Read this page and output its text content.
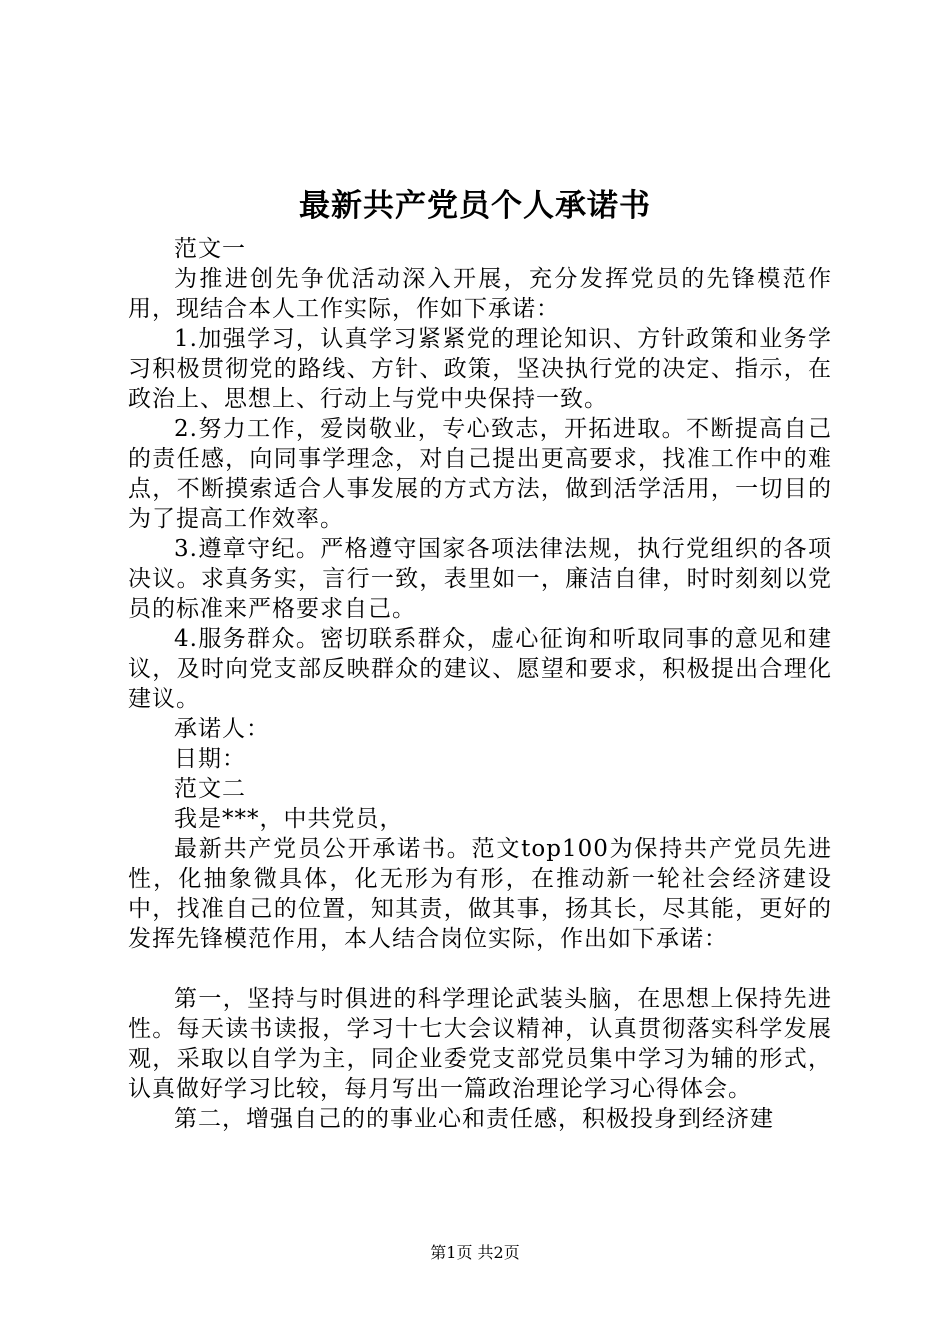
最新共产党员个人承诺书

范文一

为推进创先争优活动深入开展，充分发挥党员的先锋模范作用，现结合本人工作实际，作如下承诺：

1.加强学习，认真学习紧紧党的理论知识、方针政策和业务学习积极贯彻党的路线、方针、政策，坚决执行党的决定、指示，在政治上、思想上、行动上与党中央保持一致。

2.努力工作，爱岗敬业，专心致志，开拓进取。不断提高自己的责任感，向同事学理念，对自己提出更高要求，找准工作中的难点，不断摸索适合人事发展的方式方法，做到活学活用，一切目的为了提高工作效率。

3.遵章守纪。严格遵守国家各项法律法规，执行党组织的各项决议。求真务实，言行一致，表里如一，廉洁自律，时时刻刻以党员的标准来严格要求自己。

4.服务群众。密切联系群众，虚心征询和听取同事的意见和建议，及时向党支部反映群众的建议、愿望和要求，积极提出合理化建议。

承诺人：

日期：

范文二

我是***，中共党员，

最新共产党员公开承诺书。范文top100为保持共产党员先进性，化抽象微具体，化无形为有形，在推动新一轮社会经济建设中，找准自己的位置，知其责，做其事，扬其长，尽其能，更好的发挥先锋模范作用，本人结合岗位实际，作出如下承诺：

第一，坚持与时俱进的科学理论武装头脑，在思想上保持先进性。每天读书读报，学习十七大会议精神，认真贯彻落实科学发展观，采取以自学为主，同企业委党支部党员集中学习为辅的形式，认真做好学习比较，每月写出一篇政治理论学习心得体会。

第二，增强自己的的事业心和责任感，积极投身到经济建

第1页 共2页
